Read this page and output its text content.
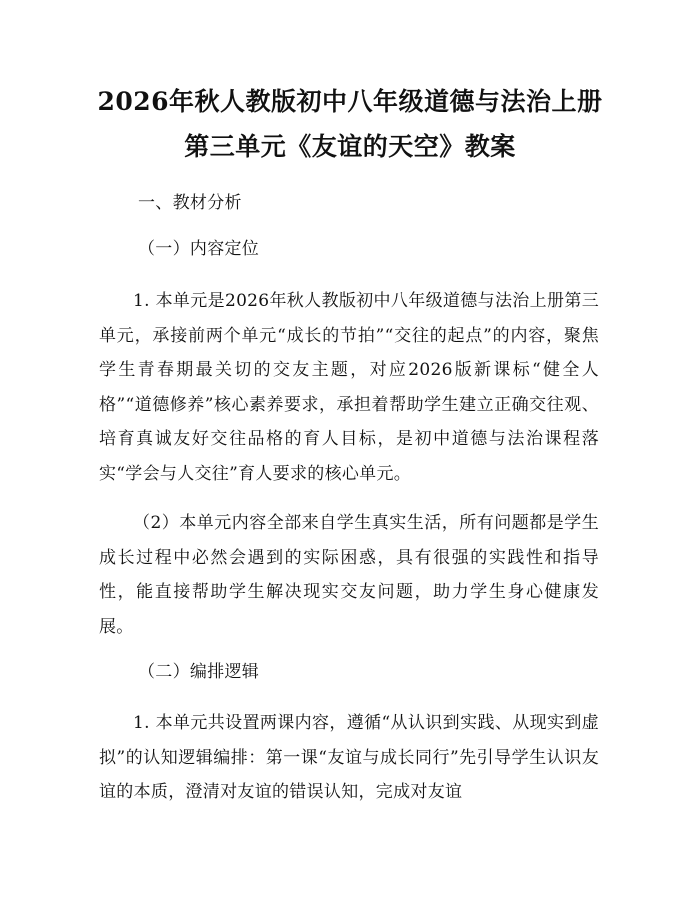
2026年秋人教版初中八年级道德与法治上册
第三单元《友谊的天空》教案
一、教材分析
（一）内容定位

1. 本单元是2026年秋人教版初中八年级道德与法治上册第三单元，承接前两个单元“成长的节拍”“交往的起点”的内容，聚焦学生青春期最关切的交友主题，对应2026版新课标“健全人格”“道德修养”核心素养要求，承担着帮助学生建立正确交往观、培育真诚友好交往品格的育人目标，是初中道德与法治课程落实“学会与人交往”育人要求的核心单元。

（2）本单元内容全部来自学生真实生活，所有问题都是学生成长过程中必然会遇到的实际困惑，具有很强的实践性和指导性，能直接帮助学生解决现实交友问题，助力学生身心健康发展。

（二）编排逻辑

1. 本单元共设置两课内容，遵循“从认识到实践、从现实到虚拟”的认知逻辑编排：第一课“友谊与成长同行”先引导学生认识友谊的本质，澄清对友谊的错误认知，完成对友谊
